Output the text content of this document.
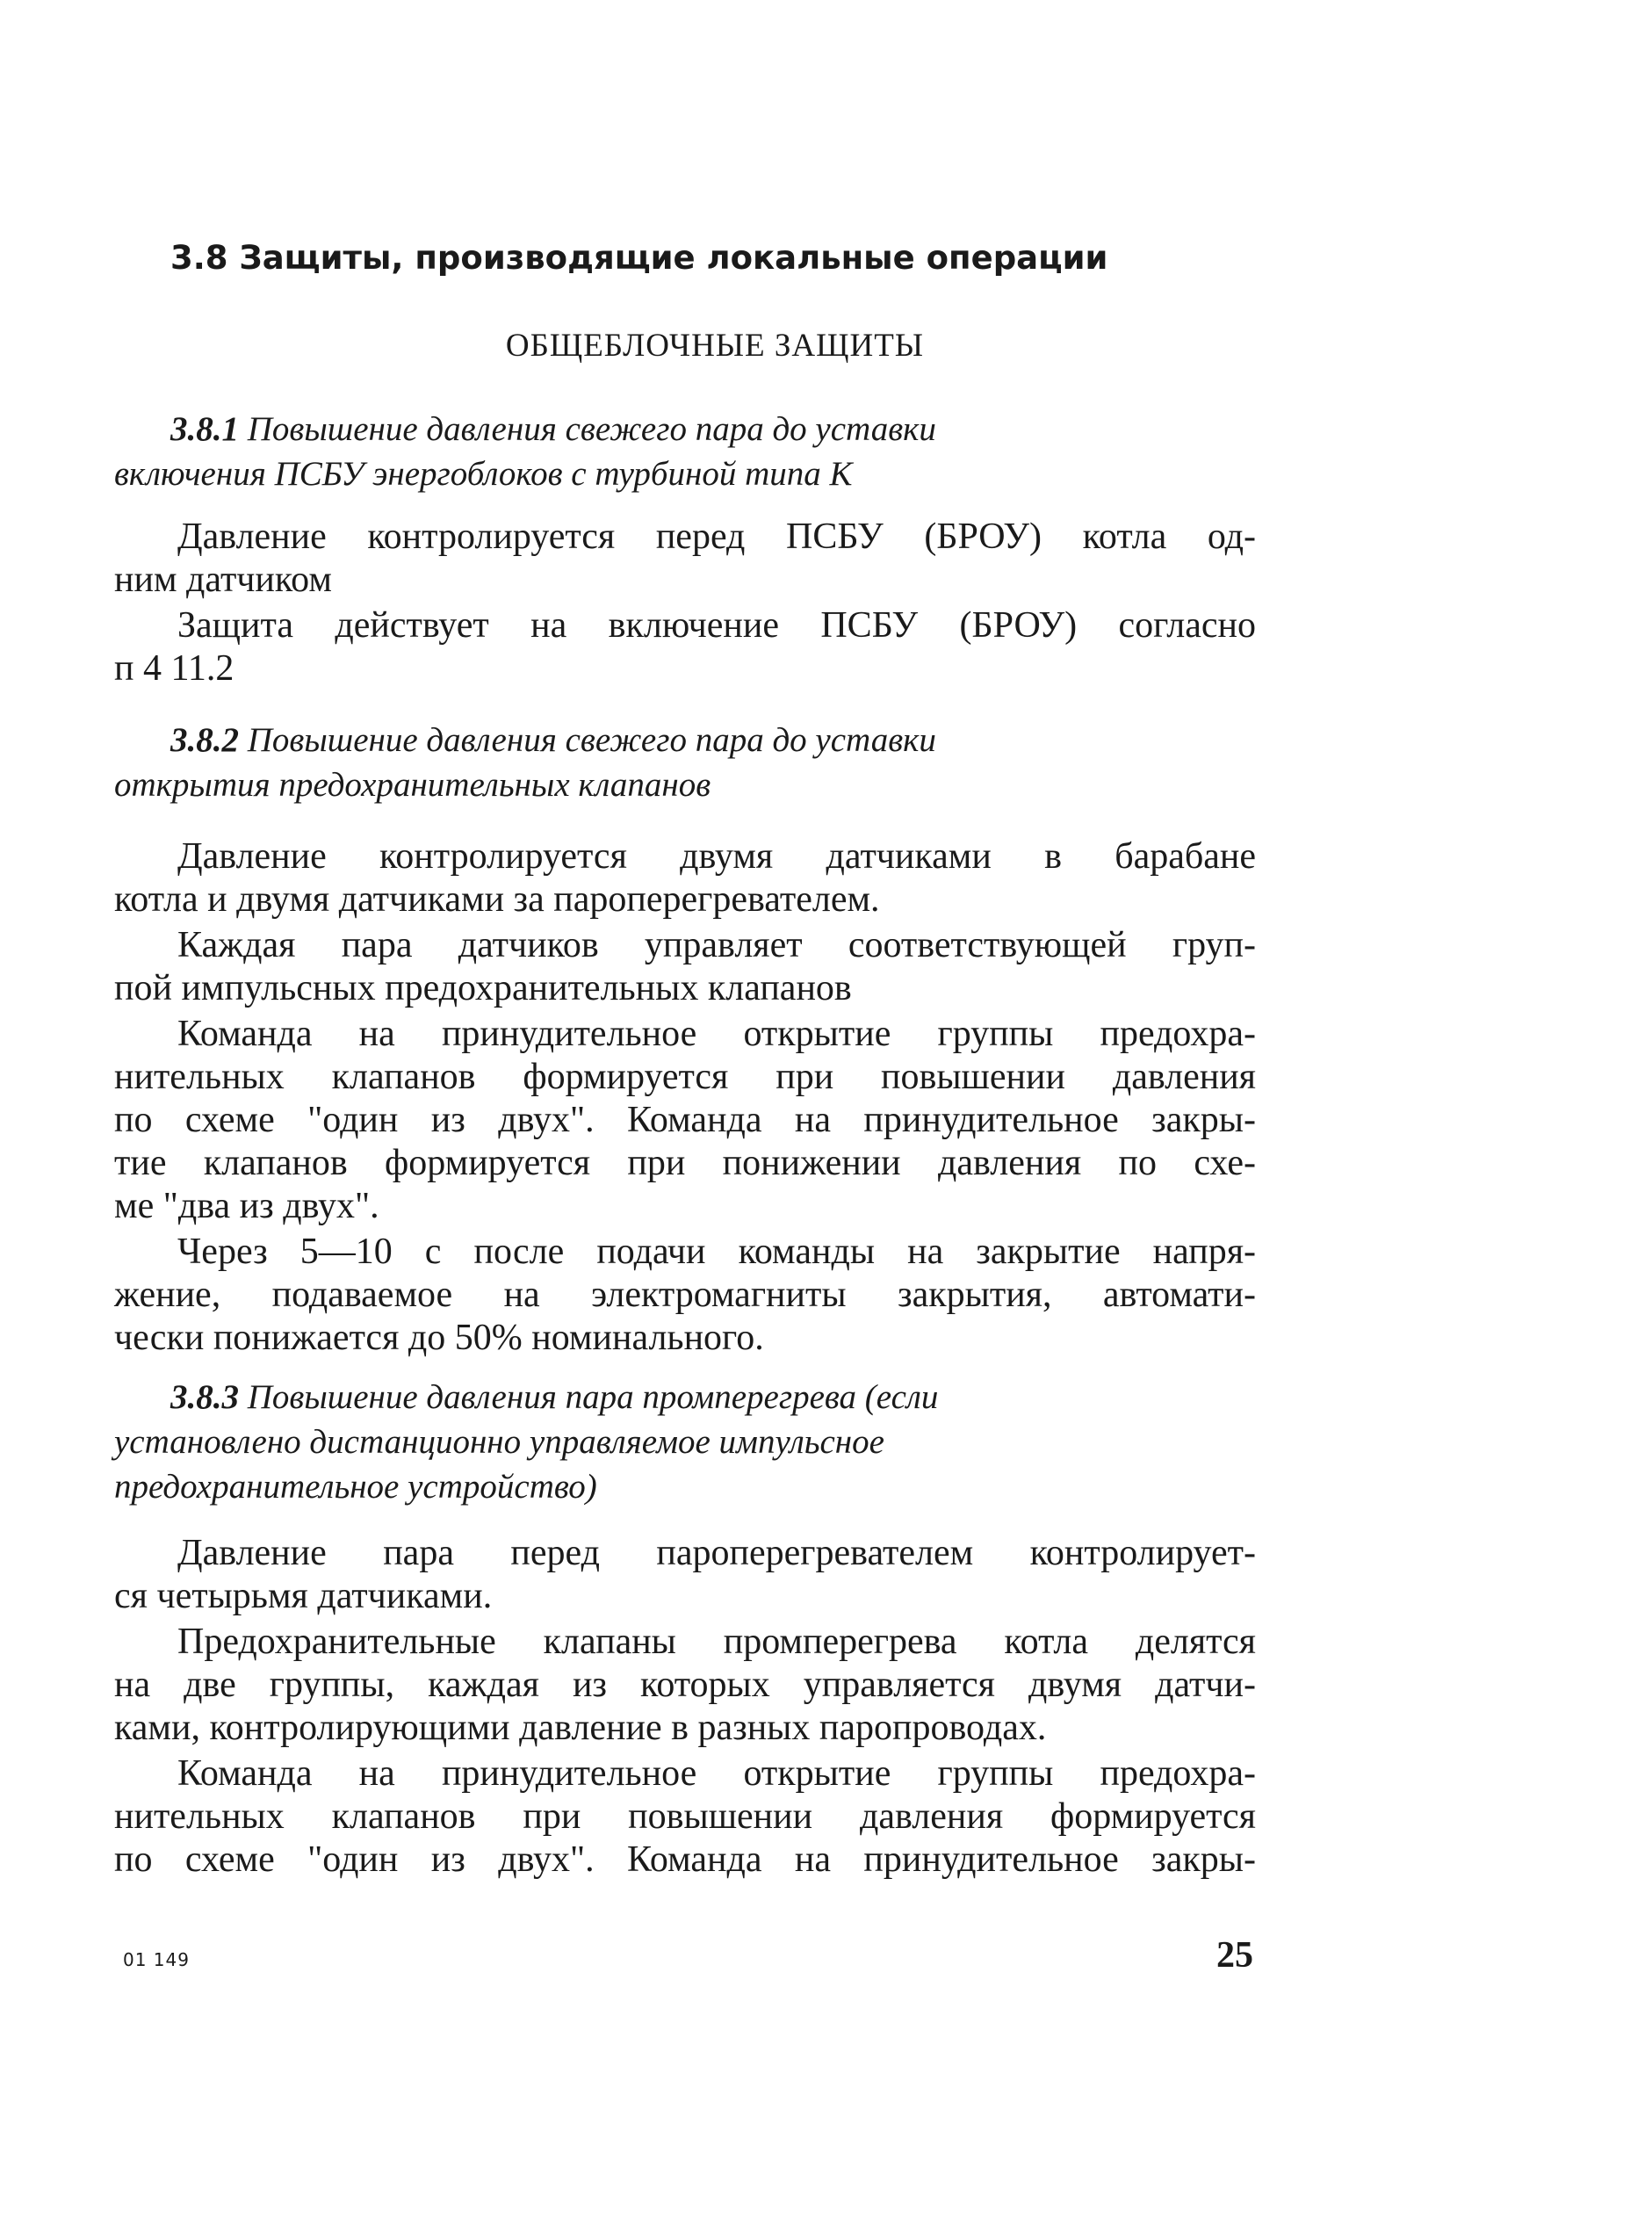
3.8 Защиты, производящие локальные операции
ОБЩЕБЛОЧНЫЕ ЗАЩИТЫ
3.8.1 Повышение давления свежего пара до уставки
включения ПСБУ энергоблоков с турбиной типа К
Давление контролируется перед ПСБУ (БРОУ) котла од-
ним датчиком
Защита действует на включение ПСБУ (БРОУ) согласно
п 4 11.2
3.8.2 Повышение давления свежего пара до уставки
открытия предохранительных клапанов
Давление контролируется двумя датчиками в барабане
котла и двумя датчиками за пароперегревателем.
Каждая пара датчиков управляет соответствующей груп-
пой импульсных предохранительных клапанов
Команда на принудительное открытие группы предохра-
нительных клапанов формируется при повышении давления
по схеме "один из двух". Команда на принудительное закры-
тие клапанов формируется при понижении давления по схе-
ме "два из двух".
Через 5—10 с после подачи команды на закрытие напря-
жение, подаваемое на электромагниты закрытия, автомати-
чески понижается до 50% номинального.
3.8.3 Повышение давления пара промперегрева (если
установлено дистанционно управляемое импульсное
предохранительное устройство)
Давление пара перед пароперегревателем контролирует-
ся четырьмя датчиками.
Предохранительные клапаны промперегрева котла делятся
на две группы, каждая из которых управляется двумя датчи-
ками, контролирующими давление в разных паропроводах.
Команда на принудительное открытие группы предохра-
нительных клапанов при повышении давления формируется
по схеме "один из двух". Команда на принудительное закры-
01 149	25
